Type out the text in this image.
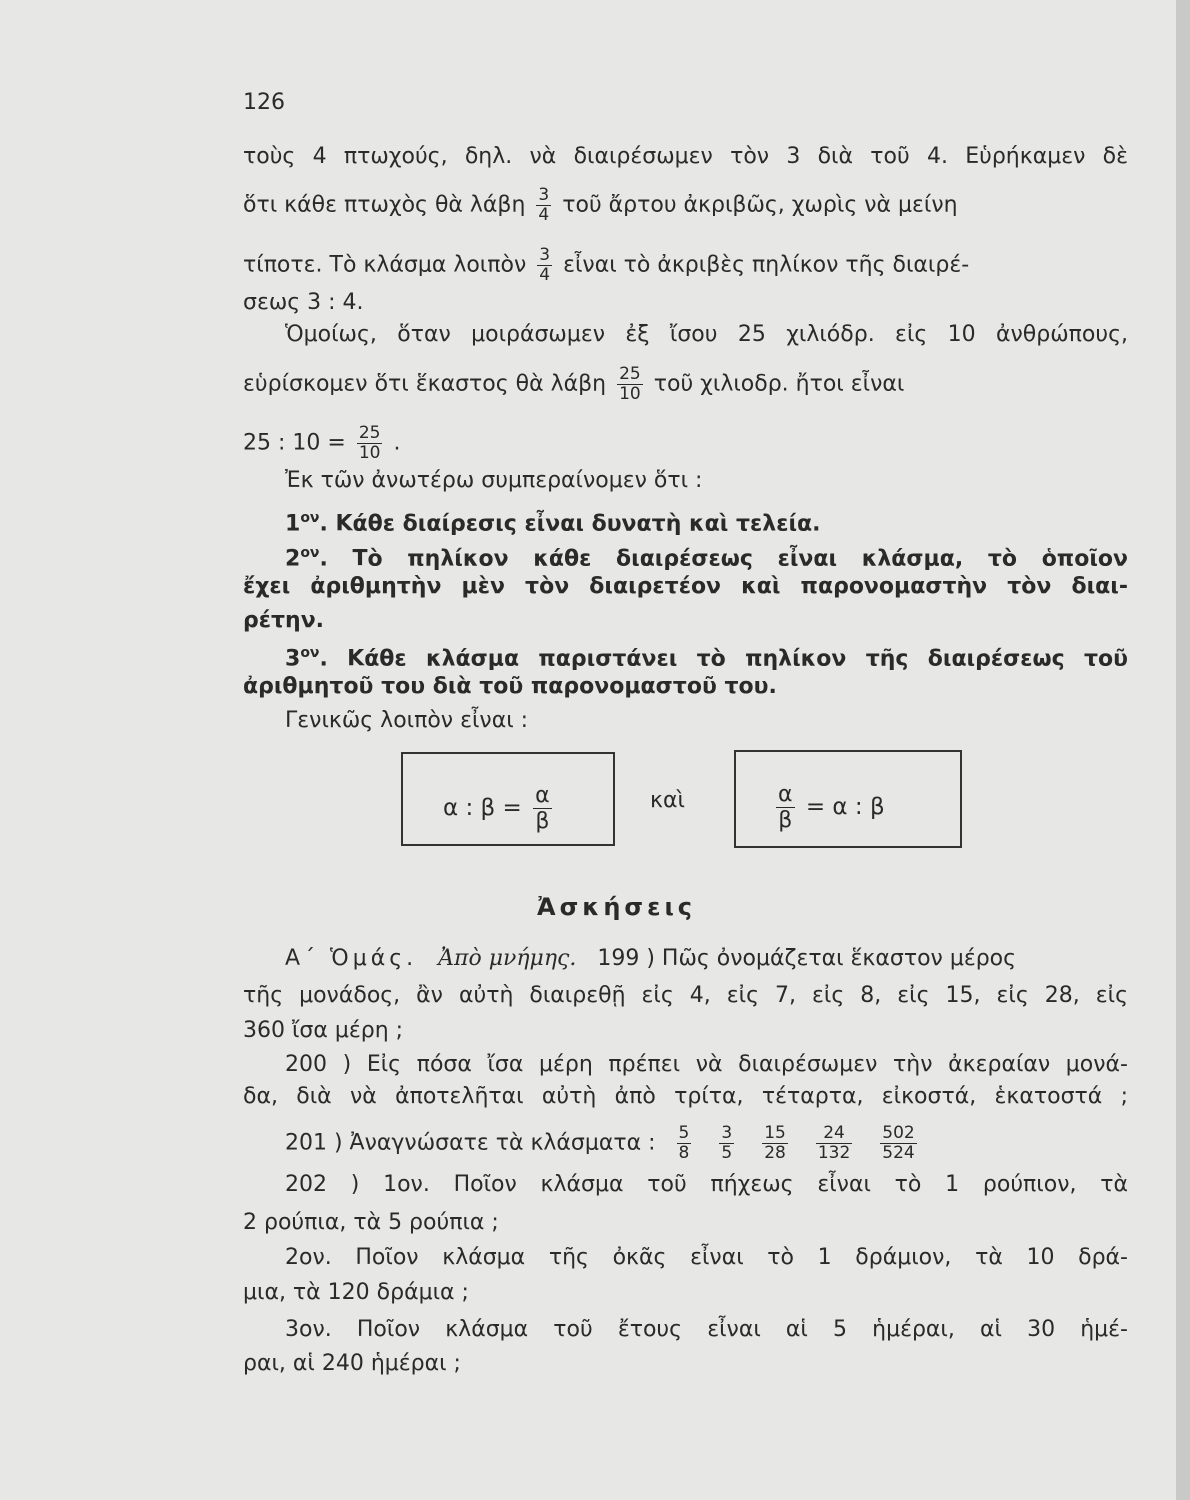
126
τοὺς 4 πτωχούς, δηλ. νὰ διαιρέσωμεν τὸν 3 διὰ τοῦ 4. Εὑρήκαμεν δὲ
ὅτι κάθε πτωχὸς θὰ λάβη $\frac{3}{4}$ τοῦ ἄρτου ἀκριβῶς, χωρὶς νὰ μείνη
τίποτε. Τὸ κλάσμα λοιπὸν $\frac{3}{4}$ εἶναι τὸ ἀκριβὲς πηλίκον τῆς διαιρέ-
σεως 3 : 4.
Ὁμοίως, ὅταν μοιράσωμεν ἐξ ἴσου 25 χιλιόδρ. εἰς 10 ἀνθρώπους,
εὑρίσκομεν ὅτι ἕκαστος θὰ λάβη $\frac{25}{10}$ τοῦ χιλιοδρ. ἤτοι εἶναι
25 : $10 = \frac{25}{10}$ .
Ἐκ τῶν ἀνωτέρω συμπεραίνομεν ὅτι :
$1^{o\nu}$. Κάθε διαίρεσις εἶναι δυνατὴ καὶ τελεία.
$2^{o\nu}$. Τὸ πηλίκον κάθε διαιρέσεως εἶναι κλάσμα, τὸ ὁποῖον
ἔχει ἀριθμητὴν μὲν τὸν διαιρετέον καὶ παρονομαστὴν τὸν διαι-
ρέτην.
$3^{o\nu}$. Κάθε κλάσμα παριστάνει τὸ πηλίκον τῆς διαιρέσεως τοῦ
ἀριθμητοῦ του διὰ τοῦ παρονομαστοῦ του.
Γενικῶς λοιπὸν εἶναι :
α : $\beta = \frac{\alpha}{\beta}$	καὶ	$\frac{\alpha}{\beta} = \alpha$ : β
Ἀσκήσεις
Α΄ Ὁμάς. Ἀπὸ μνήμης. 199 ) Πῶς ὀνομάζεται ἕκαστον μέρος
τῆς μονάδος, ἂν αὐτὴ διαιρεθῇ εἰς 4, εἰς 7, εἰς 8, εἰς 15, εἰς 28, εἰς
360 ἴσα μέρη ;
200 ) Εἰς πόσα ἴσα μέρη πρέπει νὰ διαιρέσωμεν τὴν ἀκεραίαν μονά-
δα, διὰ νὰ ἀποτελῆται αὐτὴ ἀπὸ τρίτα, τέταρτα, εἰκοστά, ἑκατοστά ;
201 ) Ἀναγνώσατε τὰ κλάσματα : $\frac{5}{8} \frac{3}{5} \frac{15}{28} \frac{24}{132} \frac{502}{524}$
202 ) 1ον. Ποῖον κλάσμα τοῦ πήχεως εἶναι τὸ 1 ρούπιον, τὰ
2 ρούπια, τὰ 5 ρούπια ;
2ον. Ποῖον κλάσμα τῆς ὀκᾶς εἶναι τὸ 1 δράμιον, τὰ 10 δρά-
μια, τὰ 120 δράμια ;
3ον. Ποῖον κλάσμα τοῦ ἔτους εἶναι αἱ 5 ἡμέραι, αἱ 30 ἡμέ-
ραι, αἱ 240 ἡμέραι ;
